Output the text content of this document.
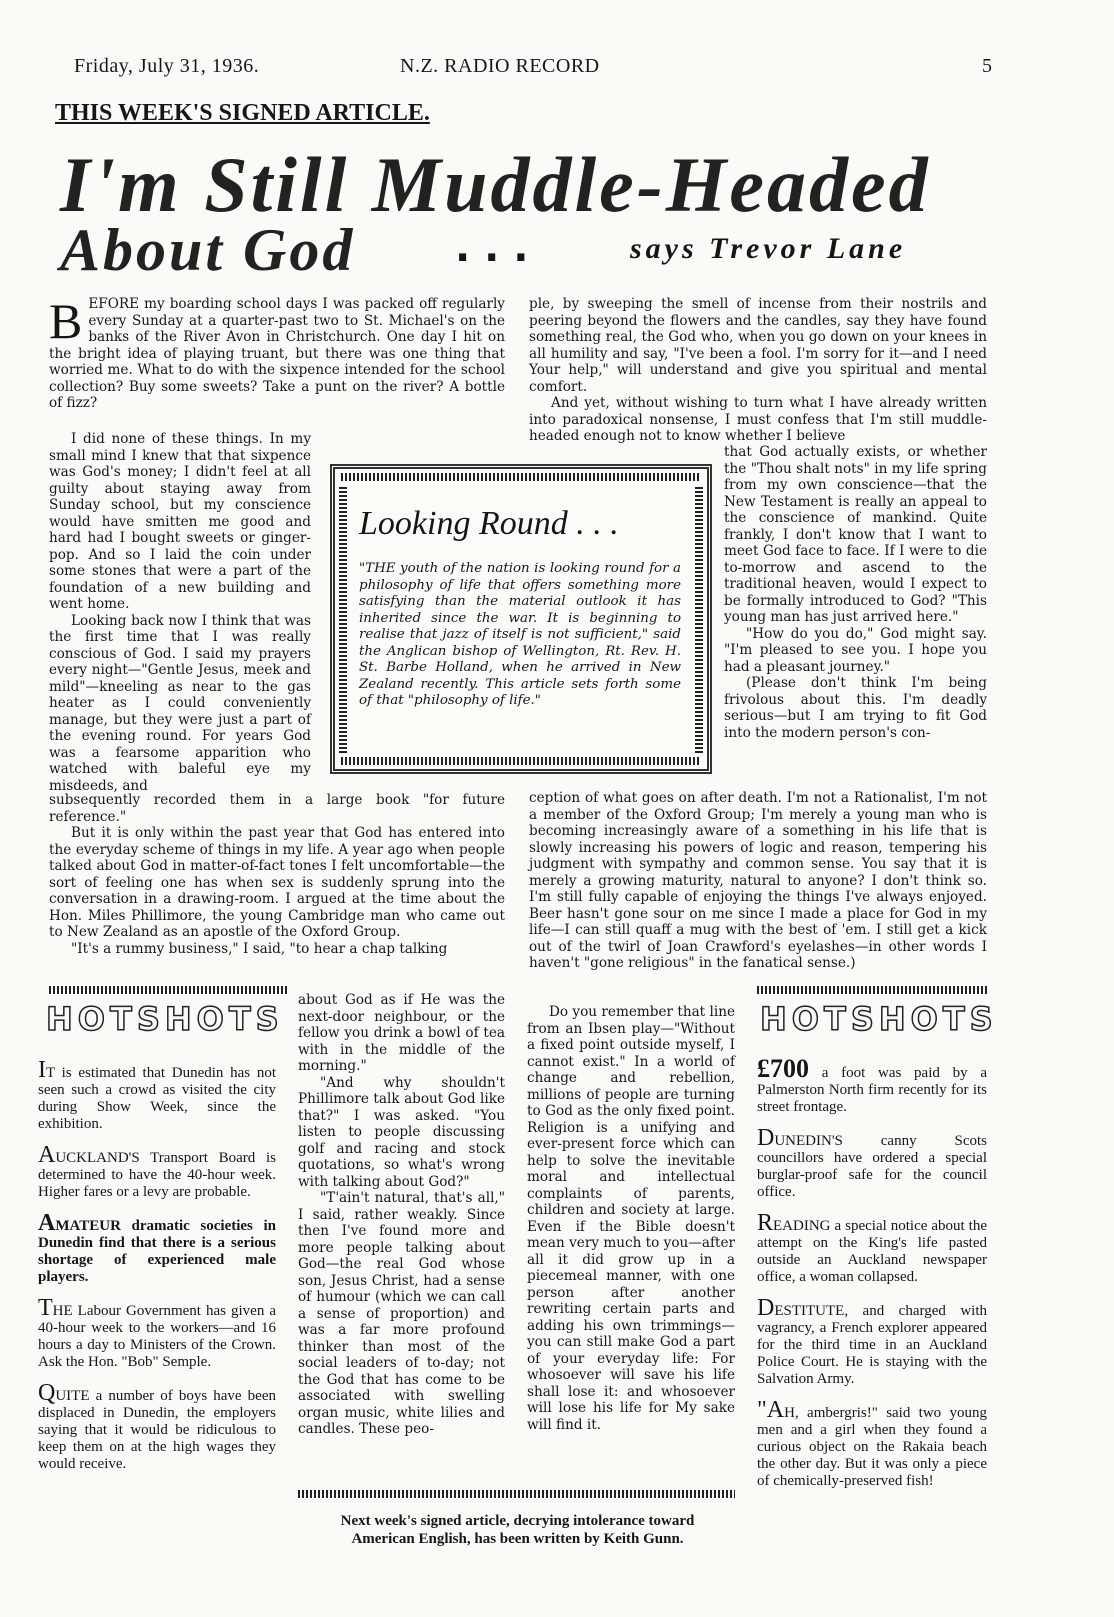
Friday, July 31, 1936.	N.Z. RADIO RECORD	5
THIS WEEK'S SIGNED ARTICLE.
I'm Still Muddle-Headed
About God . . .	says Trevor Lane
B EFORE my boarding school days I was packed off regularly every Sunday at a quarter-past two to St. Michael's on the banks of the River Avon in Christchurch. One day I hit on the bright idea of playing truant, but there was one thing that worried me. What to do with the sixpence intended for the school collection? Buy some sweets? Take a punt on the river? A bottle of fizz?

I did none of these things. In my small mind I knew that that sixpence was God's money; I didn't feel at all guilty about staying away from Sunday school, but my conscience would have smitten me good and hard had I bought sweets or ginger-pop. And so I laid the coin under some stones that were a part of the foundation of a new building and went home.

Looking back now I think that was the first time that I was really conscious of God. I said my prayers every night—"Gentle Jesus, meek and mild"—kneeling as near to the gas heater as I could conveniently manage, but they were just a part of the evening round. For years God was a fearsome apparition who watched with baleful eye my misdeeds, and

subsequently recorded them in a large book "for future reference."

But it is only within the past year that God has entered into the everyday scheme of things in my life. A year ago when people talked about God in matter-of-fact tones I felt uncomfortable—the sort of feeling one has when sex is suddenly sprung into the conversation in a drawing-room. I argued at the time about the Hon. Miles Phillimore, the young Cambridge man who came out to New Zealand as an apostle of the Oxford Group.

"It's a rummy business," I said, "to hear a chap talking

ple, by sweeping the smell of incense from their nostrils and peering beyond the flowers and the candles, say they have found something real, the God who, when you go down on your knees in all humility and say, "I've been a fool. I'm sorry for it—and I need Your help," will understand and give you spiritual and mental comfort.

And yet, without wishing to turn what I have already written into paradoxical nonsense, I must confess that I'm still muddle-headed enough not to know whether I believe

that God actually exists, or whether the "Thou shalt nots" in my life spring from my own conscience—that the New Testament is really an appeal to the conscience of mankind. Quite frankly, I don't know that I want to meet God face to face. If I were to die to-morrow and ascend to the traditional heaven, would I expect to be formally introduced to God? "This young man has just arrived here."

"How do you do," God might say. "I'm pleased to see you. I hope you had a pleasant journey."

(Please don't think I'm being frivolous about this. I'm deadly serious—but I am trying to fit God into the modern person's con-

ception of what goes on after death. I'm not a Rationalist, I'm not a member of the Oxford Group; I'm merely a young man who is becoming increasingly aware of a something in his life that is slowly increasing his powers of logic and reason, tempering his judgment with sympathy and common sense. You say that it is merely a growing maturity, natural to anyone? I don't think so. I'm still fully capable of enjoying the things I've always enjoyed. Beer hasn't gone sour on me since I made a place for God in my life—I can still quaff a mug with the best of 'em. I still get a kick out of the twirl of Joan Crawford's eyelashes—in other words I haven't "gone religious" in the fanatical sense.)

Looking Round . . .
"THE youth of the nation is looking round for a philosophy of life that offers something more satisfying than the material outlook it has inherited since the war. It is beginning to realise that jazz of itself is not sufficient," said the Anglican bishop of Wellington, Rt. Rev. H. St. Barbe Holland, when he arrived in New Zealand recently. This article sets forth some of that "philosophy of life."
HOTSHOTS
IT is estimated that Dunedin has not seen such a crowd as visited the city during Show Week, since the exhibition.
AUCKLAND'S Transport Board is determined to have the 40-hour week. Higher fares or a levy are probable.
AMATEUR dramatic societies in Dunedin find that there is a serious shortage of experienced male players.
THE Labour Government has given a 40-hour week to the workers—and 16 hours a day to Ministers of the Crown. Ask the Hon. "Bob" Semple.
QUITE a number of boys have been displaced in Dunedin, the employers saying that it would be ridiculous to keep them on at the high wages they would receive.

about God as if He was the next-door neighbour, or the fellow you drink a bowl of tea with in the middle of the morning."

"And why shouldn't Phillimore talk about God like that?" I was asked. "You listen to people discussing golf and racing and stock quotations, so what's wrong with talking about God?"

"T'ain't natural, that's all," I said, rather weakly. Since then I've found more and more people talking about God—the real God whose son, Jesus Christ, had a sense of humour (which we can call a sense of proportion) and was a far more profound thinker than most of the social leaders of to-day; not the God that has come to be associated with swelling organ music, white lilies and candles. These peo-

Do you remember that line from an Ibsen play—"Without a fixed point outside myself, I cannot exist." In a world of change and rebellion, millions of people are turning to God as the only fixed point. Religion is a unifying and ever-present force which can help to solve the inevitable moral and intellectual complaints of parents, children and society at large. Even if the Bible doesn't mean very much to you—after all it did grow up in a piecemeal manner, with one person after another rewriting certain parts and adding his own trimmings—you can still make God a part of your everyday life: For whosoever will save his life shall lose it: and whosoever will lose his life for My sake will find it.

HOTSHOTS
£700 a foot was paid by a Palmerston North firm recently for its street frontage.
DUNEDIN'S canny Scots councillors have ordered a special burglar-proof safe for the council office.
READING a special notice about the attempt on the King's life pasted outside an Auckland newspaper office, a woman collapsed.
DESTITUTE, and charged with vagrancy, a French explorer appeared for the third time in an Auckland Police Court. He is staying with the Salvation Army.
"AH, ambergris!" said two young men and a girl when they found a curious object on the Rakaia beach the other day. But it was only a piece of chemically-preserved fish!
Next week's signed article, decrying intolerance toward American English, has been written by Keith Gunn.
